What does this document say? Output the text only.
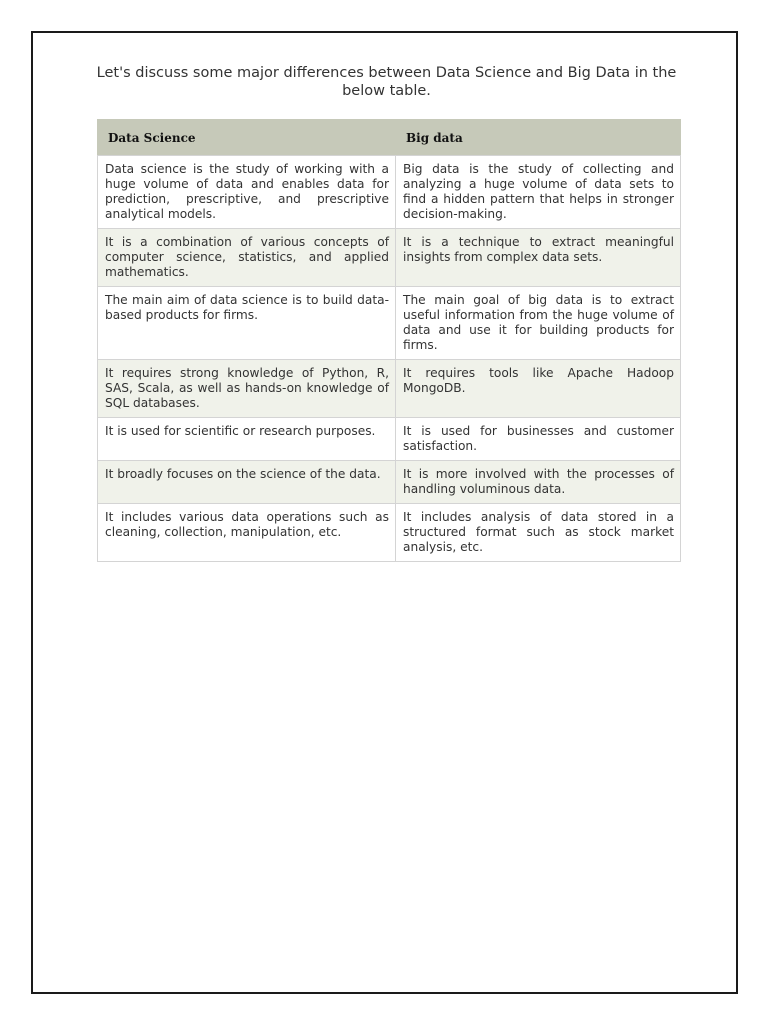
Let's discuss some major differences between Data Science and Big Data in the below table.

Data Science	Big data
Data science is the study of working with a huge volume of data and enables data for prediction, prescriptive, and prescriptive analytical models.	Big data is the study of collecting and analyzing a huge volume of data sets to find a hidden pattern that helps in stronger decision-making.
It is a combination of various concepts of computer science, statistics, and applied mathematics.	It is a technique to extract meaningful insights from complex data sets.
The main aim of data science is to build data-based products for firms.	The main goal of big data is to extract useful information from the huge volume of data and use it for building products for firms.
It requires strong knowledge of Python, R, SAS, Scala, as well as hands-on knowledge of SQL databases.	It requires tools like Apache Hadoop MongoDB.
It is used for scientific or research purposes.	It is used for businesses and customer satisfaction.
It broadly focuses on the science of the data.	It is more involved with the processes of handling voluminous data.
It includes various data operations such as cleaning, collection, manipulation, etc.	It includes analysis of data stored in a structured format such as stock market analysis, etc.
